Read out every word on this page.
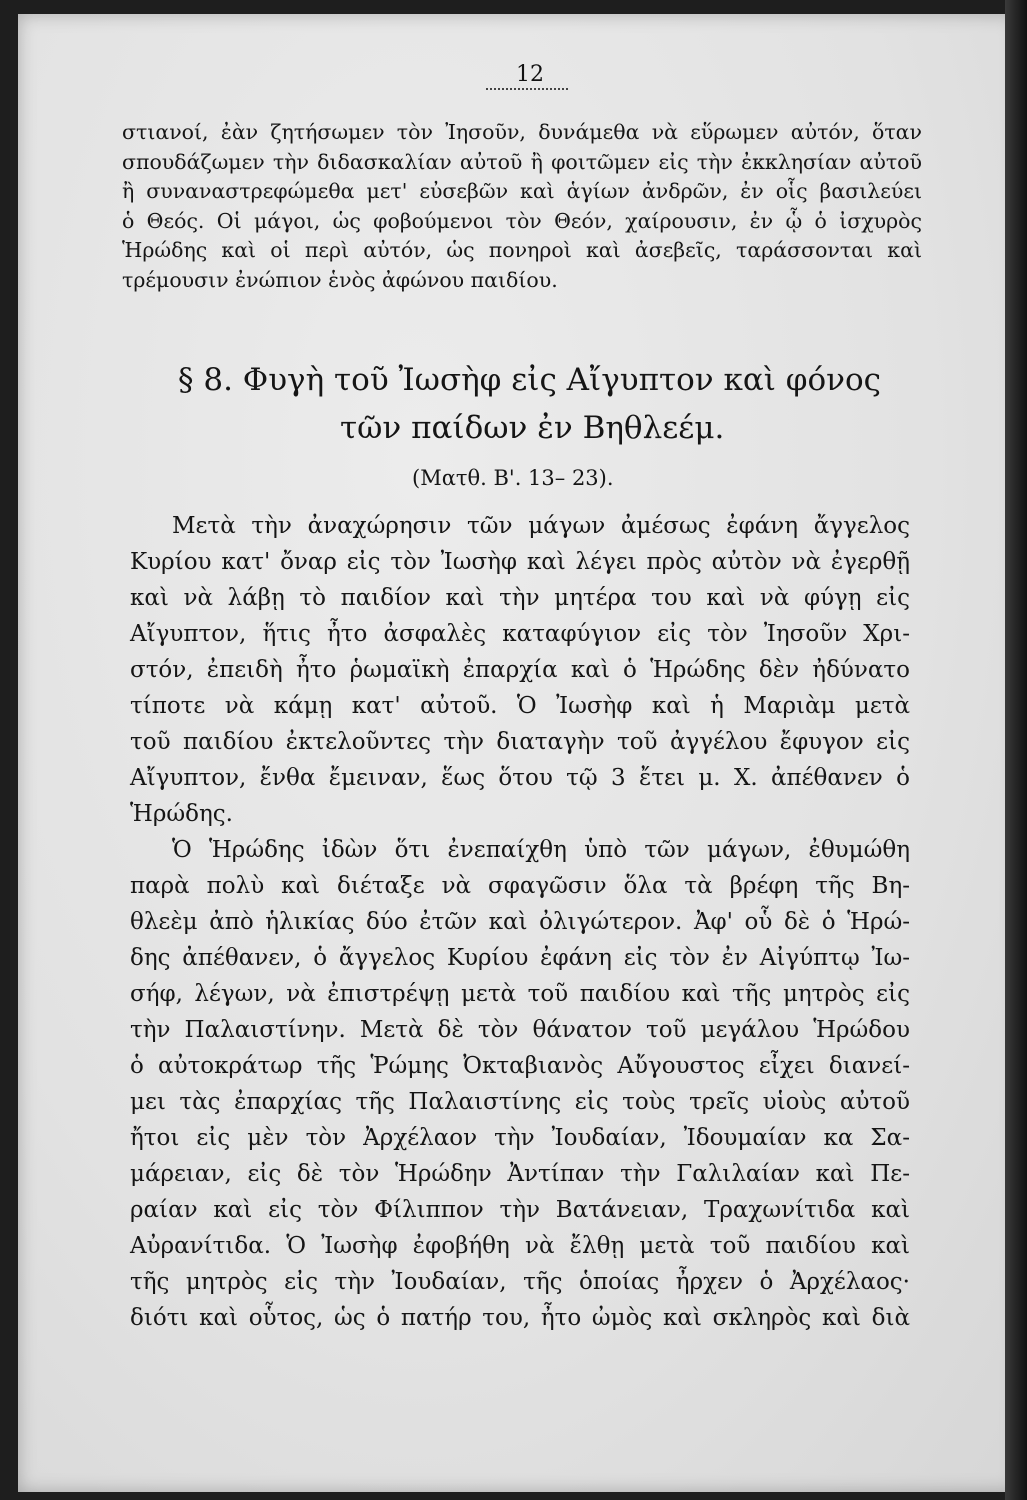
12

στιανοί, ἐὰν ζητήσωμεν τὸν Ἰησοῦν, δυνάμεθα νὰ εὕρωμεν αὐτόν, ὅταν
σπουδάζωμεν τὴν διδασκαλίαν αὐτοῦ ἢ φοιτῶμεν εἰς τὴν ἐκκλησίαν αὐτοῦ
ἢ συναναστρεφώμεθα μετ' εὐσεβῶν καὶ ἁγίων ἀνδρῶν, ἐν οἷς βασιλεύει
ὁ Θεός. Οἱ μάγοι, ὡς φοβούμενοι τὸν Θεόν, χαίρουσιν, ἐν ᾧ ὁ ἰσχυρὸς
Ἡρώδης καὶ οἱ περὶ αὐτόν, ὡς πονηροὶ καὶ ἀσεβεῖς, ταράσσονται καὶ
τρέμουσιν ἐνώπιον ἑνὸς ἀφώνου παιδίου.

§ 8. Φυγὴ τοῦ Ἰωσὴφ εἰς Αἴγυπτον καὶ φόνος
τῶν παίδων ἐν Βηθλεέμ.
(Ματθ. Β'. 13– 23).
Μετὰ τὴν ἀναχώρησιν τῶν μάγων ἀμέσως ἐφάνη ἄγγελος
Κυρίου κατ' ὄναρ εἰς τὸν Ἰωσὴφ καὶ λέγει πρὸς αὐτὸν νὰ ἐγερθῇ
καὶ νὰ λάβῃ τὸ παιδίον καὶ τὴν μητέρα του καὶ νὰ φύγῃ εἰς
Αἴγυπτον, ἥτις ἦτο ἀσφαλὲς καταφύγιον εἰς τὸν Ἰησοῦν Χρι-
στόν, ἐπειδὴ ἦτο ῥωμαϊκὴ ἐπαρχία καὶ ὁ Ἡρώδης δὲν ἠδύνατο
τίποτε νὰ κάμῃ κατ' αὐτοῦ. Ὁ Ἰωσὴφ καὶ ἡ Μαριὰμ μετὰ
τοῦ παιδίου ἐκτελοῦντες τὴν διαταγὴν τοῦ ἀγγέλου ἔφυγον εἰς
Αἴγυπτον, ἔνθα ἔμειναν, ἕως ὅτου τῷ 3 ἔτει μ. Χ. ἀπέθανεν ὁ
Ἡρώδης.
Ὁ Ἡρώδης ἰδὼν ὅτι ἐνεπαίχθη ὑπὸ τῶν μάγων, ἐθυμώθη
παρὰ πολὺ καὶ διέταξε νὰ σφαγῶσιν ὅλα τὰ βρέφη τῆς Βη-
θλεὲμ ἀπὸ ἡλικίας δύο ἐτῶν καὶ ὀλιγώτερον. Ἀφ' οὗ δὲ ὁ Ἡρώ-
δης ἀπέθανεν, ὁ ἄγγελος Κυρίου ἐφάνη εἰς τὸν ἐν Αἰγύπτῳ Ἰω-
σήφ, λέγων, νὰ ἐπιστρέψῃ μετὰ τοῦ παιδίου καὶ τῆς μητρὸς εἰς
τὴν Παλαιστίνην. Μετὰ δὲ τὸν θάνατον τοῦ μεγάλου Ἡρώδου
ὁ αὐτοκράτωρ τῆς Ῥώμης Ὀκταβιανὸς Αὔγουστος εἶχει διανεί-
μει τὰς ἐπαρχίας τῆς Παλαιστίνης εἰς τοὺς τρεῖς υἱοὺς αὐτοῦ
ἤτοι εἰς μὲν τὸν Ἀρχέλαον τὴν Ἰουδαίαν, Ἰδουμαίαν κα Σα-
μάρειαν, εἰς δὲ τὸν Ἡρώδην Ἀντίπαν τὴν Γαλιλαίαν καὶ Πε-
ραίαν καὶ εἰς τὸν Φίλιππον τὴν Βατάνειαν, Τραχωνίτιδα καὶ
Αὐρανίτιδα. Ὁ Ἰωσὴφ ἐφοβήθη νὰ ἔλθῃ μετὰ τοῦ παιδίου καὶ
τῆς μητρὸς εἰς τὴν Ἰουδαίαν, τῆς ὁποίας ἦρχεν ὁ Ἀρχέλαος·
διότι καὶ οὗτος, ὡς ὁ πατήρ του, ἦτο ὠμὸς καὶ σκληρὸς καὶ διὰ
